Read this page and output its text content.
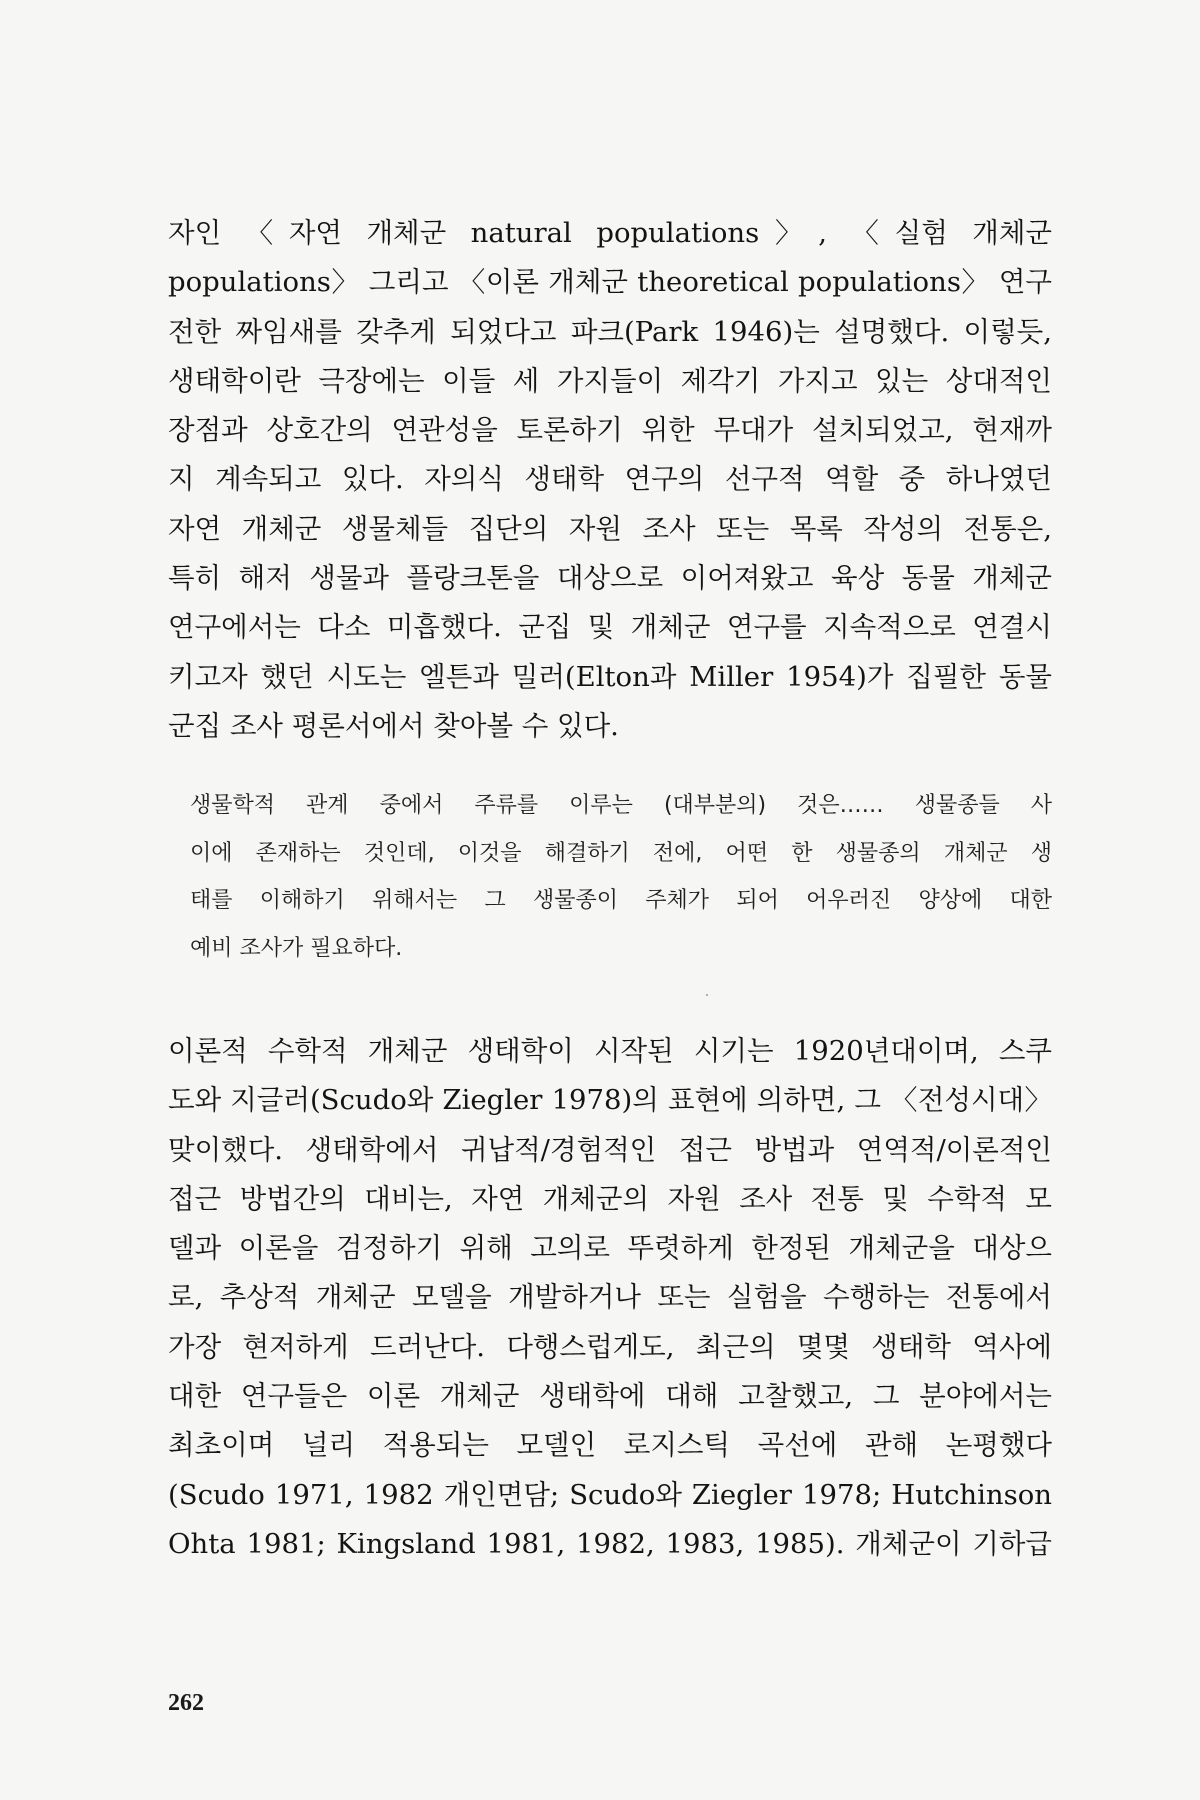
자인 〈자연 개체군 natural populations〉, 〈실험 개체군
populations〉 그리고 〈이론 개체군 theoretical populations〉 연구
전한 짜임새를 갖추게 되었다고 파크(Park 1946)는 설명했다. 이렇듯,
생태학이란 극장에는 이들 세 가지들이 제각기 가지고 있는 상대적인
장점과 상호간의 연관성을 토론하기 위한 무대가 설치되었고, 현재까
지 계속되고 있다. 자의식 생태학 연구의 선구적 역할 중 하나였던
자연 개체군 생물체들 집단의 자원 조사 또는 목록 작성의 전통은,
특히 해저 생물과 플랑크톤을 대상으로 이어져왔고 육상 동물 개체군
연구에서는 다소 미흡했다. 군집 및 개체군 연구를 지속적으로 연결시
키고자 했던 시도는 엘튼과 밀러(Elton과 Miller 1954)가 집필한 동물
군집 조사 평론서에서 찾아볼 수 있다.

생물학적 관계 중에서 주류를 이루는 (대부분의) 것은…… 생물종들 사
이에 존재하는 것인데, 이것을 해결하기 전에, 어떤 한 생물종의 개체군 생
태를 이해하기 위해서는 그 생물종이 주체가 되어 어우러진 양상에 대한
예비 조사가 필요하다.

이론적 수학적 개체군 생태학이 시작된 시기는 1920년대이며, 스쿠
도와 지글러(Scudo와 Ziegler 1978)의 표현에 의하면, 그 〈전성시대〉
맞이했다. 생태학에서 귀납적/경험적인 접근 방법과 연역적/이론적인
접근 방법간의 대비는, 자연 개체군의 자원 조사 전통 및 수학적 모
델과 이론을 검정하기 위해 고의로 뚜렷하게 한정된 개체군을 대상으
로, 추상적 개체군 모델을 개발하거나 또는 실험을 수행하는 전통에서
가장 현저하게 드러난다. 다행스럽게도, 최근의 몇몇 생태학 역사에
대한 연구들은 이론 개체군 생태학에 대해 고찰했고, 그 분야에서는
최초이며 널리 적용되는 모델인 로지스틱 곡선에 관해 논평했다
(Scudo 1971, 1982 개인면담; Scudo와 Ziegler 1978; Hutchinson
Ohta 1981; Kingsland 1981, 1982, 1983, 1985). 개체군이 기하급

262
